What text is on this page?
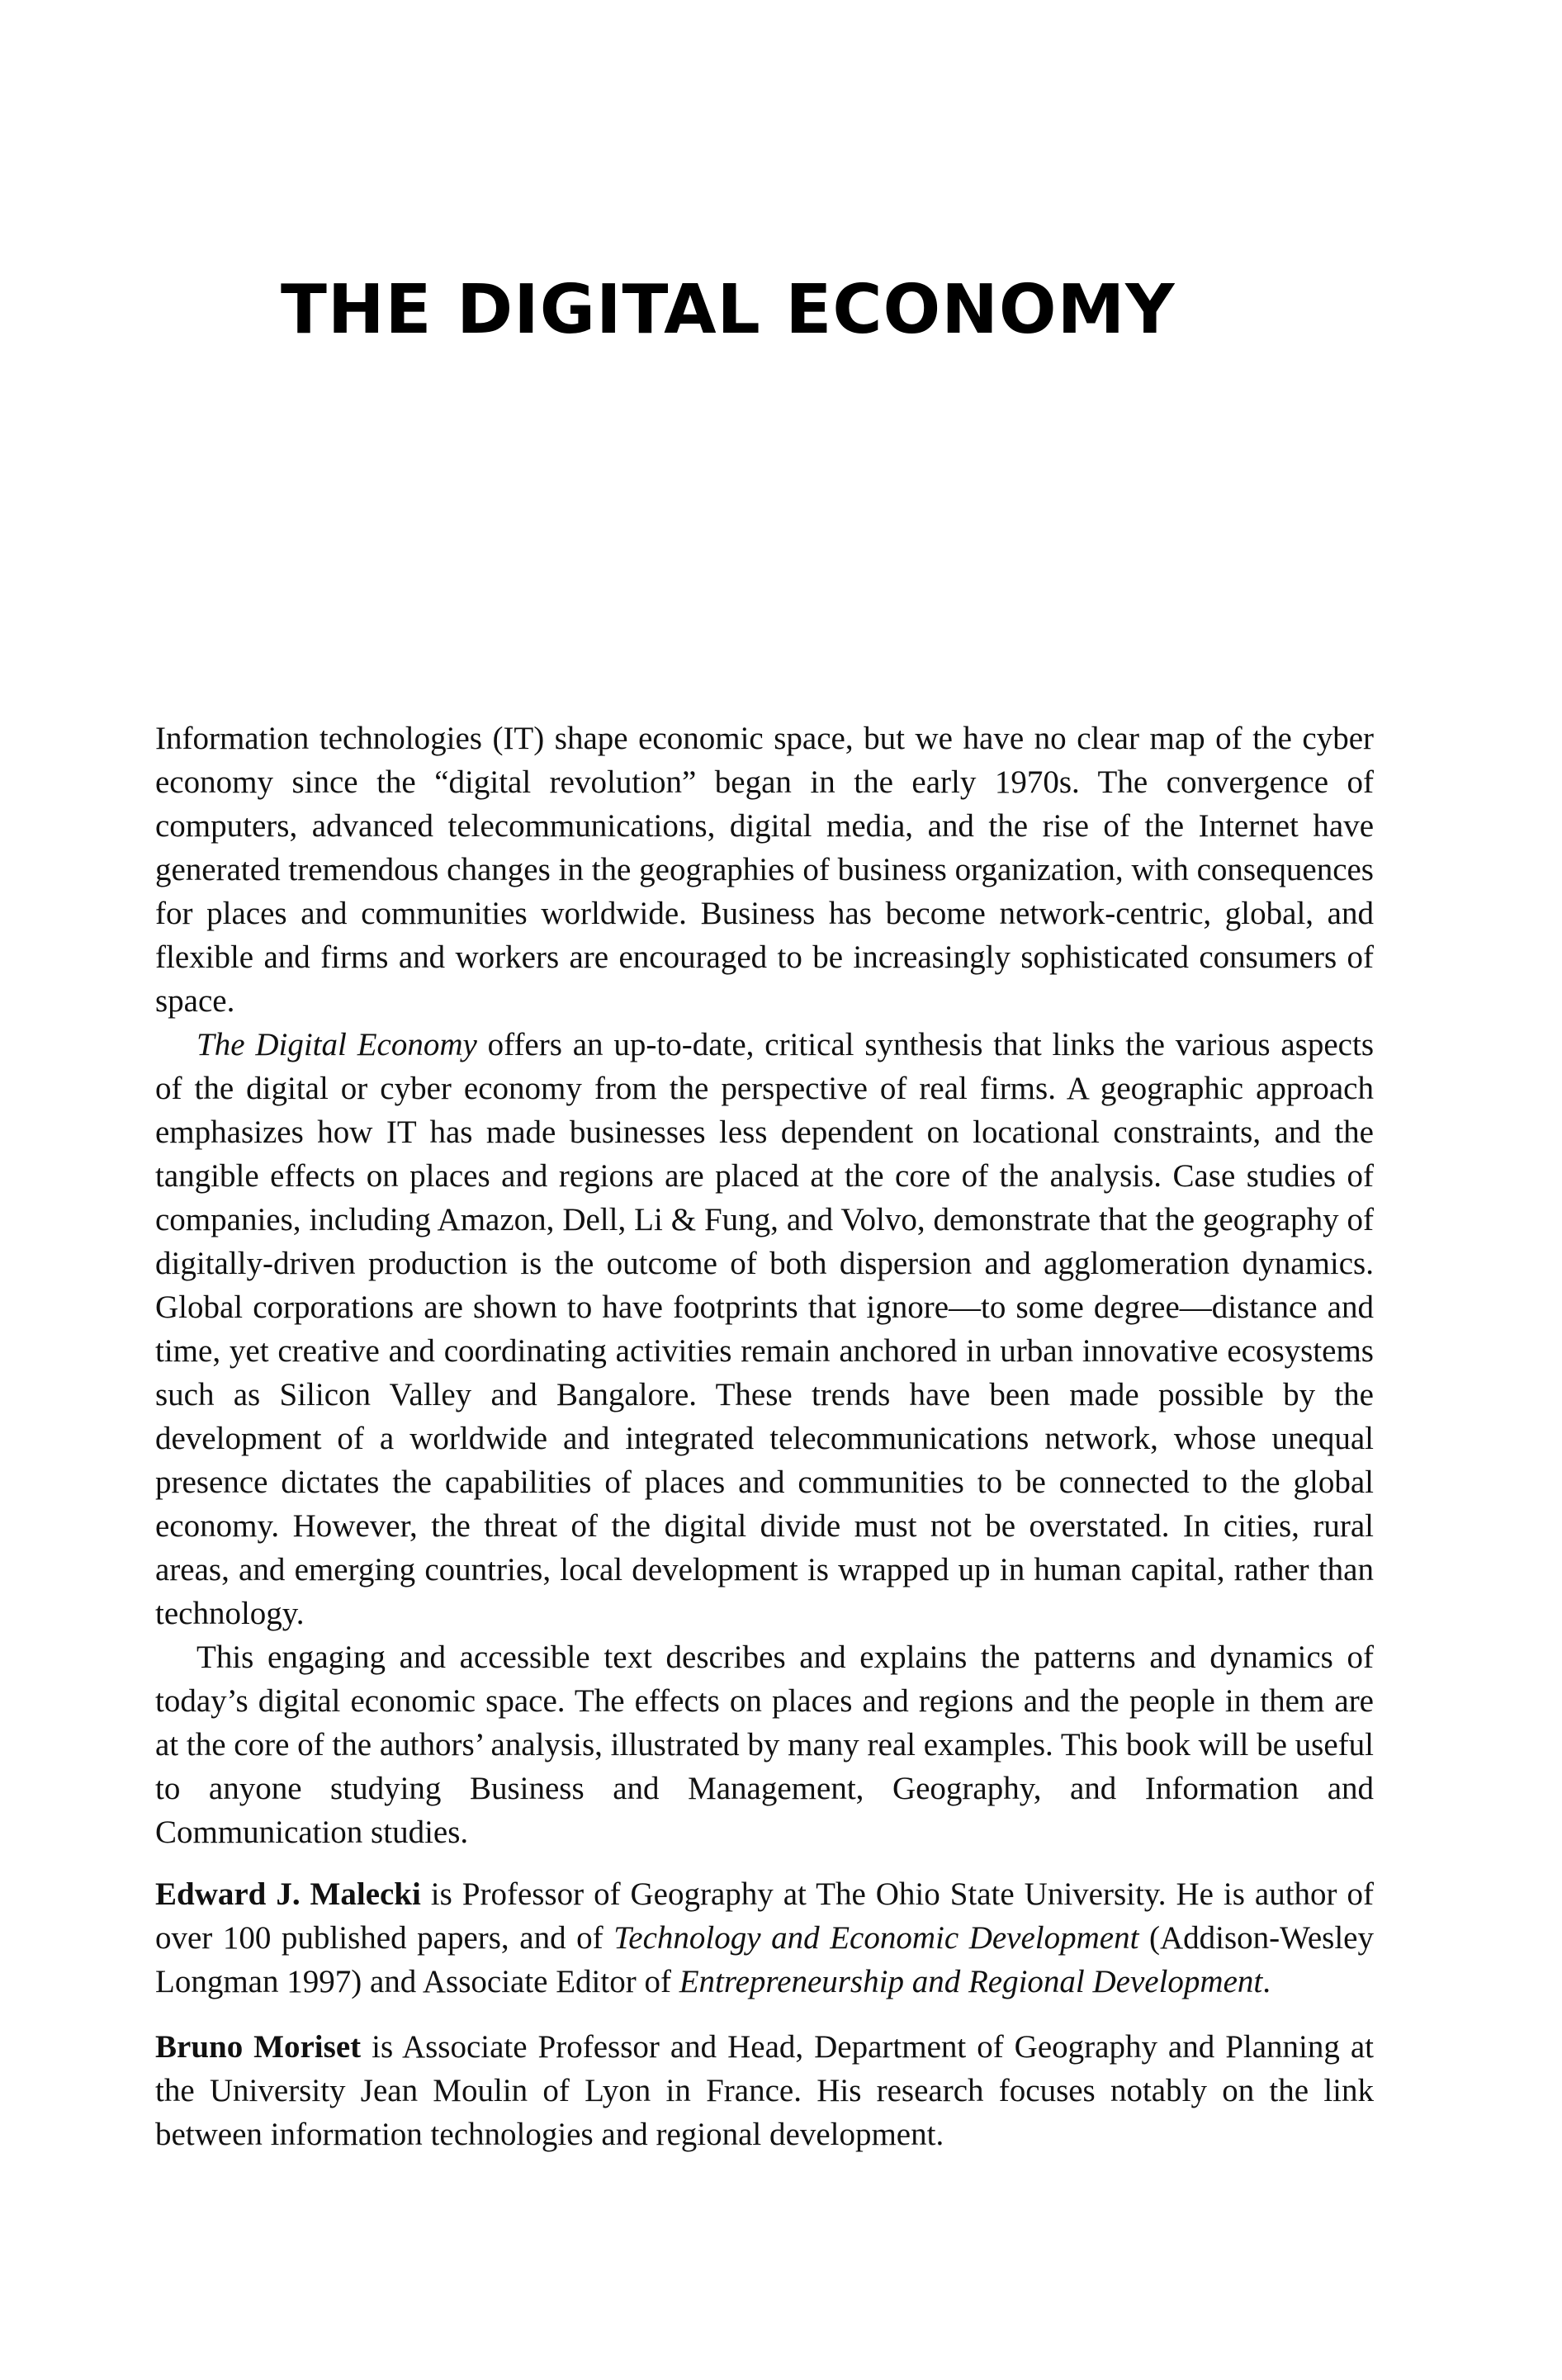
THE DIGITAL ECONOMY

Information technologies (IT) shape economic space, but we have no clear map of the cyber economy since the “digital revolution” began in the early 1970s. The convergence of computers, advanced telecommunications, digital media, and the rise of the Internet have generated tremendous changes in the geographies of business organization, with consequences for places and communities worldwide. Business has become network-centric, global, and flexible and firms and workers are encouraged to be increasingly sophisticated consumers of space.

The Digital Economy offers an up-to-date, critical synthesis that links the various aspects of the digital or cyber economy from the perspective of real firms. A geographic approach emphasizes how IT has made businesses less dependent on locational constraints, and the tangible effects on places and regions are placed at the core of the analysis. Case studies of companies, including Amazon, Dell, Li & Fung, and Volvo, demonstrate that the geography of digitally-driven production is the outcome of both dispersion and agglomeration dynamics. Global corporations are shown to have footprints that ignore—to some degree—distance and time, yet creative and coordinating activities remain anchored in urban innovative ecosystems such as Silicon Valley and Bangalore. These trends have been made possible by the development of a worldwide and integrated telecommunications network, whose unequal presence dictates the capabilities of places and communities to be connected to the global economy. However, the threat of the digital divide must not be overstated. In cities, rural areas, and emerging countries, local development is wrapped up in human capital, rather than technology.

This engaging and accessible text describes and explains the patterns and dynamics of today’s digital economic space. The effects on places and regions and the people in them are at the core of the authors’ analysis, illustrated by many real examples. This book will be useful to anyone studying Business and Management, Geography, and Information and Communication studies.

Edward J. Malecki is Professor of Geography at The Ohio State University. He is author of over 100 published papers, and of Technology and Economic Development (Addison-Wesley Longman 1997) and Associate Editor of Entrepreneurship and Regional Development.

Bruno Moriset is Associate Professor and Head, Department of Geography and Planning at the University Jean Moulin of Lyon in France. His research focuses notably on the link between information technologies and regional development.
